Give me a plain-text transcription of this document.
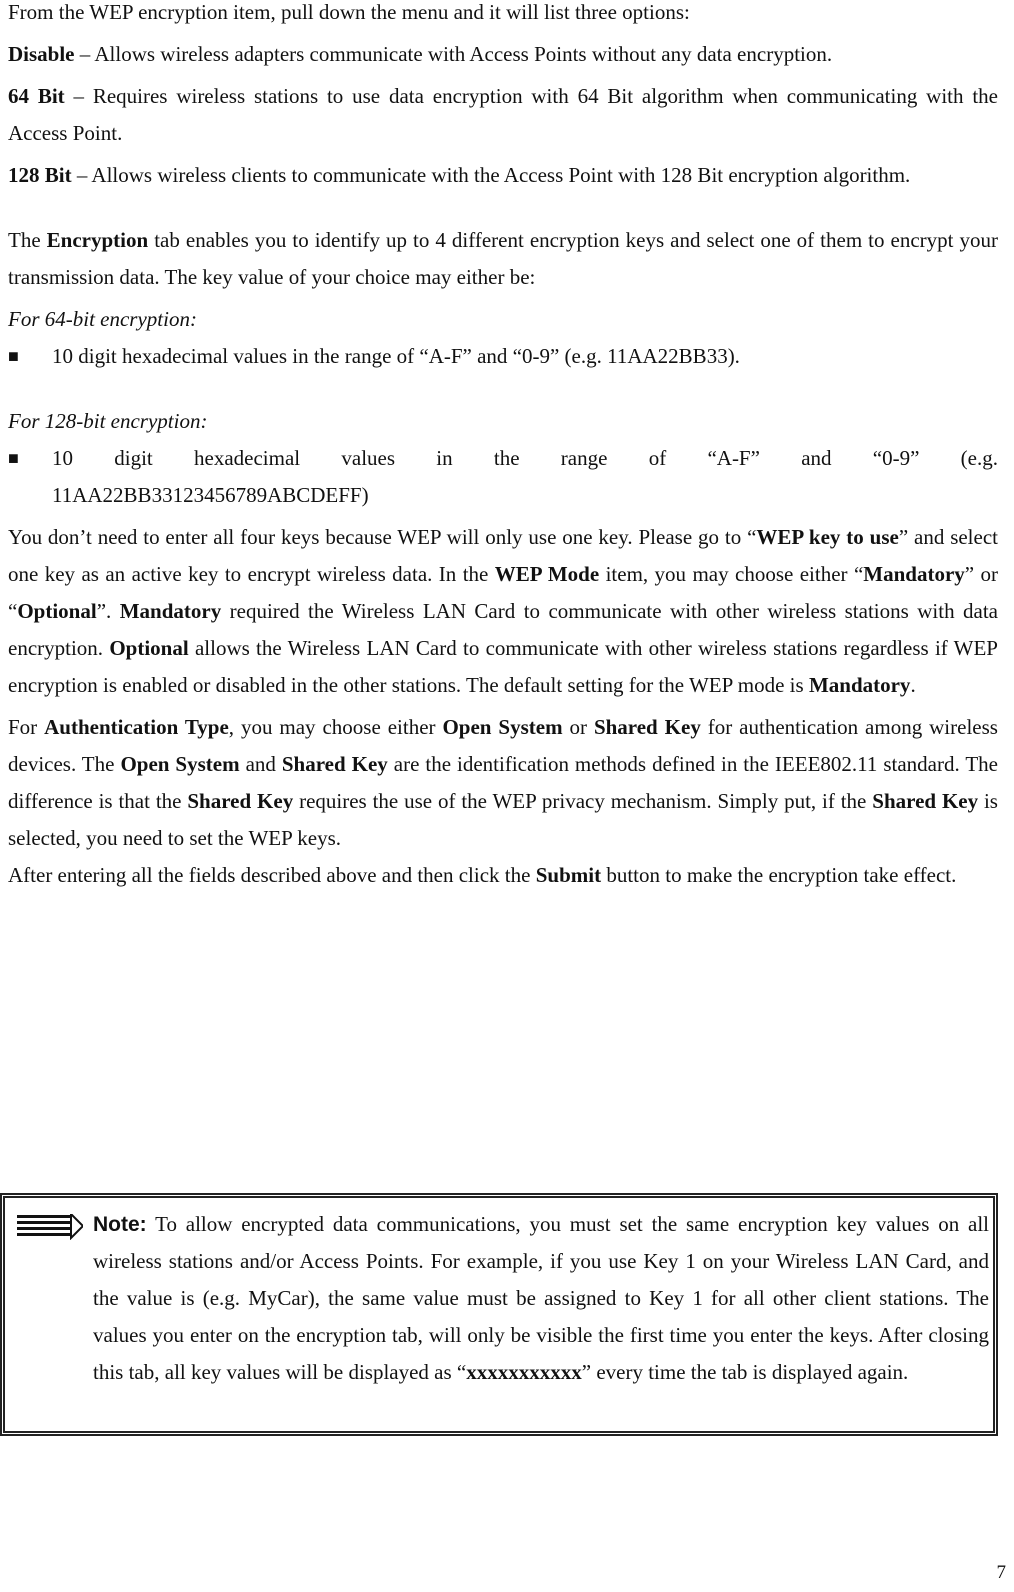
From the WEP encryption item, pull down the menu and it will list three options:

Disable – Allows wireless adapters communicate with Access Points without any data encryption.

64 Bit – Requires wireless stations to use data encryption with 64 Bit algorithm when communicating with the Access Point.

128 Bit – Allows wireless clients to communicate with the Access Point with 128 Bit encryption algorithm.

The Encryption tab enables you to identify up to 4 different encryption keys and select one of them to encrypt your transmission data. The key value of your choice may either be:

For 64-bit encryption:

■	10 digit hexadecimal values in the range of “A-F” and “0-9” (e.g. 11AA22BB33).

For 128-bit encryption:

■	10 digit hexadecimal values in the range of “A-F” and “0-9” (e.g.

11AA22BB33123456789ABCDEFF)

You don’t need to enter all four keys because WEP will only use one key. Please go to “WEP key to use” and select one key as an active key to encrypt wireless data. In the WEP Mode item, you may choose either “Mandatory” or “Optional”. Mandatory required the Wireless LAN Card to communicate with other wireless stations with data encryption. Optional allows the Wireless LAN Card to communicate with other wireless stations regardless if WEP encryption is enabled or disabled in the other stations. The default setting for the WEP mode is Mandatory.

For Authentication Type, you may choose either Open System or Shared Key for authentication among wireless devices. The Open System and Shared Key are the identification methods defined in the IEEE802.11 standard. The difference is that the Shared Key requires the use of the WEP privacy mechanism. Simply put, if the Shared Key is selected, you need to set the WEP keys.

After entering all the fields described above and then click the Submit button to make the encryption take effect.

Note: To allow encrypted data communications, you must set the same encryption key values on all wireless stations and/or Access Points. For example, if you use Key 1 on your Wireless LAN Card, and the value is (e.g. MyCar), the same value must be assigned to Key 1 for all other client stations. The values you enter on the encryption tab, will only be visible the first time you enter the keys. After closing this tab, all key values will be displayed as “xxxxxxxxxxx” every time the tab is displayed again.

7
